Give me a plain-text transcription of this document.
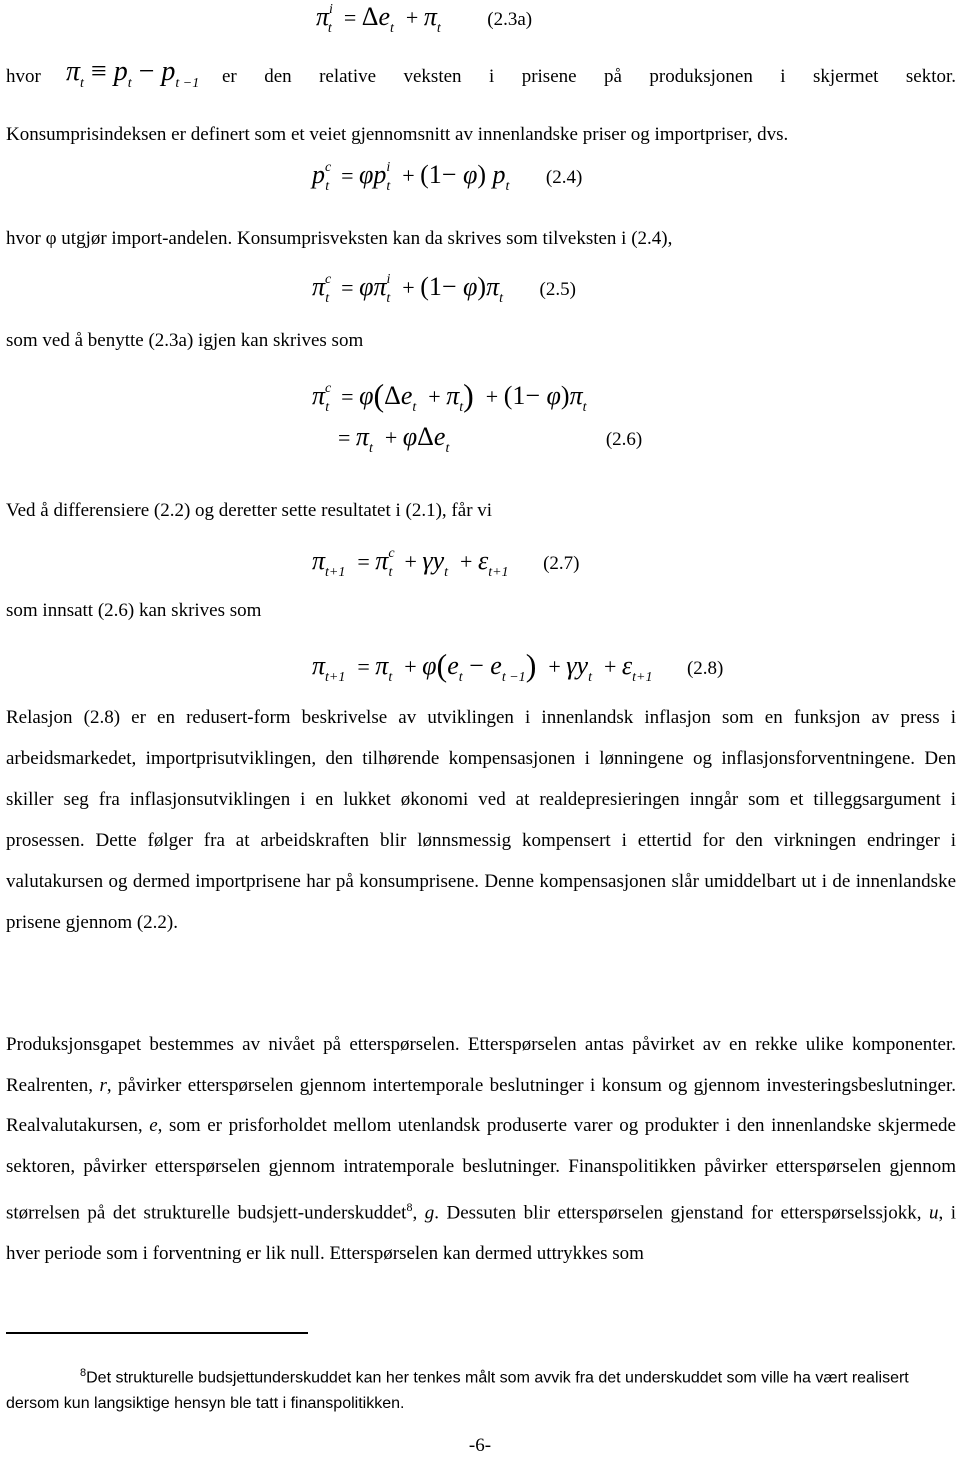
$\pi^i_t = \Delta e_t + \pi_t$ (2.3a)
hvor $\pi_t \equiv p_t - p_{t -1}$ er den relative veksten i prisene på produksjonen i skjermet sektor.
Konsumprisindeksen er definert som et veiet gjennomsnitt av innenlandske priser og importpriser, dvs.
$p^c_t = \varphi p^i_t + (1- \varphi)$ $p_t$ (2.4)
hvor φ utgjør import-andelen. Konsumprisveksten kan da skrives som tilveksten i (2.4),
$\pi^c_t = \varphi\pi^i_t + (1- \varphi)\pi_t$ (2.5)
som ved å benytte (2.3a) igjen kan skrives som
$\pi^c_t = \varphi(\Delta e_t + \pi_t) + (1- \varphi)\pi_t$
= $\pi_t + \varphi\Delta e_t$	(2.6)
Ved å differensiere (2.2) og deretter sette resultatet i (2.1), får vi
$\pi_{t+1} = \pi^c_t + \gamma y_t + \varepsilon_{t+1}$ (2.7)
som innsatt (2.6) kan skrives som
$\pi_{t+1} = \pi_t + \varphi(e_t - e_{t -1}) + \gamma y_t + \varepsilon_{t+1}$ (2.8)
Relasjon (2.8) er en redusert-form beskrivelse av utviklingen i innenlandsk inflasjon som en funksjon av press i arbeidsmarkedet, importprisutviklingen, den tilhørende kompensasjonen i lønningene og inflasjonsforventningene. Den skiller seg fra inflasjonsutviklingen i en lukket økonomi ved at realdepresieringen inngår som et tilleggsargument i prosessen. Dette følger fra at arbeidskraften blir lønnsmessig kompensert i ettertid for den virkningen endringer i valutakursen og dermed importprisene har på konsumprisene. Denne kompensasjonen slår umiddelbart ut i de innenlandske prisene gjennom (2.2).
Produksjonsgapet bestemmes av nivået på etterspørselen. Etterspørselen antas påvirket av en rekke ulike komponenter. Realrenten, r, påvirker etterspørselen gjennom intertemporale beslutninger i konsum og gjennom investeringsbeslutninger. Realvalutakursen, e, som er prisforholdet mellom utenlandsk produserte varer og produkter i den innenlandske skjermede sektoren, påvirker etterspørselen gjennom intratemporale beslutninger. Finanspolitikken påvirker etterspørselen gjennom størrelsen på det strukturelle budsjett-underskuddet$^8$, g. Dessuten blir etterspørselen gjenstand for etterspørselssjokk, u, i hver periode som i forventning er lik null. Etterspørselen kan dermed uttrykkes som
$^8$Det strukturelle budsjettunderskuddet kan her tenkes målt som avvik fra det underskuddet som ville ha vært realisert dersom kun langsiktige hensyn ble tatt i finanspolitikken.
-6-
